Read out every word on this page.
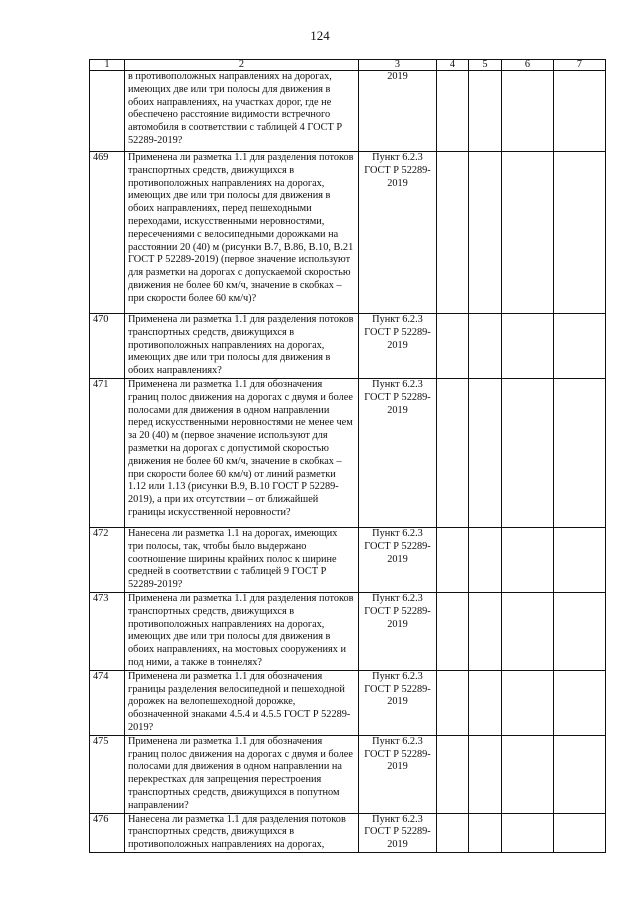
124
1	2	3	4	5	6	7
	в противоположных направлениях на дорогах, имеющих две или три полосы для движения в обоих направлениях, на участках дорог, где не обеспечено расстояние видимости встречного автомобиля в соответствии с таблицей 4 ГОСТ Р 52289-2019?	2019				
469	Применена ли разметка 1.1 для разделения потоков транспортных средств, движущихся в противоположных направлениях на дорогах, имеющих две или три полосы для движения в обоих направлениях, перед пешеходными переходами, искусственными неровностями, пересечениями с велосипедными дорожками на расстоянии 20 (40) м (рисунки В.7, В.86, В.10, В.21 ГОСТ Р 52289-2019) (первое значение используют для разметки на дорогах с допускаемой скоростью движения не более 60 км/ч, значение в скобках – при скорости более 60 км/ч)?	Пункт 6.2.3 ГОСТ Р 52289-2019				
470	Применена ли разметка 1.1 для разделения потоков транспортных средств, движущихся в противоположных направлениях на дорогах, имеющих две или три полосы для движения в обоих направлениях?	Пункт 6.2.3 ГОСТ Р 52289-2019				
471	Применена ли разметка 1.1 для обозначения границ полос движения на дорогах с двумя и более полосами для движения в одном направлении перед искусственными неровностями не менее чем за 20 (40) м (первое значение используют для разметки на дорогах с допустимой скоростью движения не более 60 км/ч, значение в скобках – при скорости более 60 км/ч) от линий разметки 1.12 или 1.13 (рисунки В.9, В.10 ГОСТ Р 52289-2019), а при их отсутствии – от ближайшей границы искусственной неровности?	Пункт 6.2.3 ГОСТ Р 52289-2019				
472	Нанесена ли разметка 1.1 на дорогах, имеющих три полосы, так, чтобы было выдержано соотношение ширины крайних полос к ширине средней в соответствии с таблицей 9 ГОСТ Р 52289-2019?	Пункт 6.2.3 ГОСТ Р 52289-2019				
473	Применена ли разметка 1.1 для разделения потоков транспортных средств, движущихся в противоположных направлениях на дорогах, имеющих две или три полосы для движения в обоих направлениях, на мостовых сооружениях и под ними, а также в тоннелях?	Пункт 6.2.3 ГОСТ Р 52289-2019				
474	Применена ли разметка 1.1 для обозначения границы разделения велосипедной и пешеходной дорожек на велопешеходной дорожке, обозначенной знаками 4.5.4 и 4.5.5 ГОСТ Р 52289-2019?	Пункт 6.2.3 ГОСТ Р 52289-2019				
475	Применена ли разметка 1.1 для обозначения границ полос движения на дорогах с двумя и более полосами для движения в одном направлении на перекрестках для запрещения перестроения транспортных средств, движущихся в попутном направлении?	Пункт 6.2.3 ГОСТ Р 52289-2019				
476	Нанесена ли разметка 1.1 для разделения потоков транспортных средств, движущихся в противоположных направлениях на дорогах,	Пункт 6.2.3 ГОСТ Р 52289-2019				
